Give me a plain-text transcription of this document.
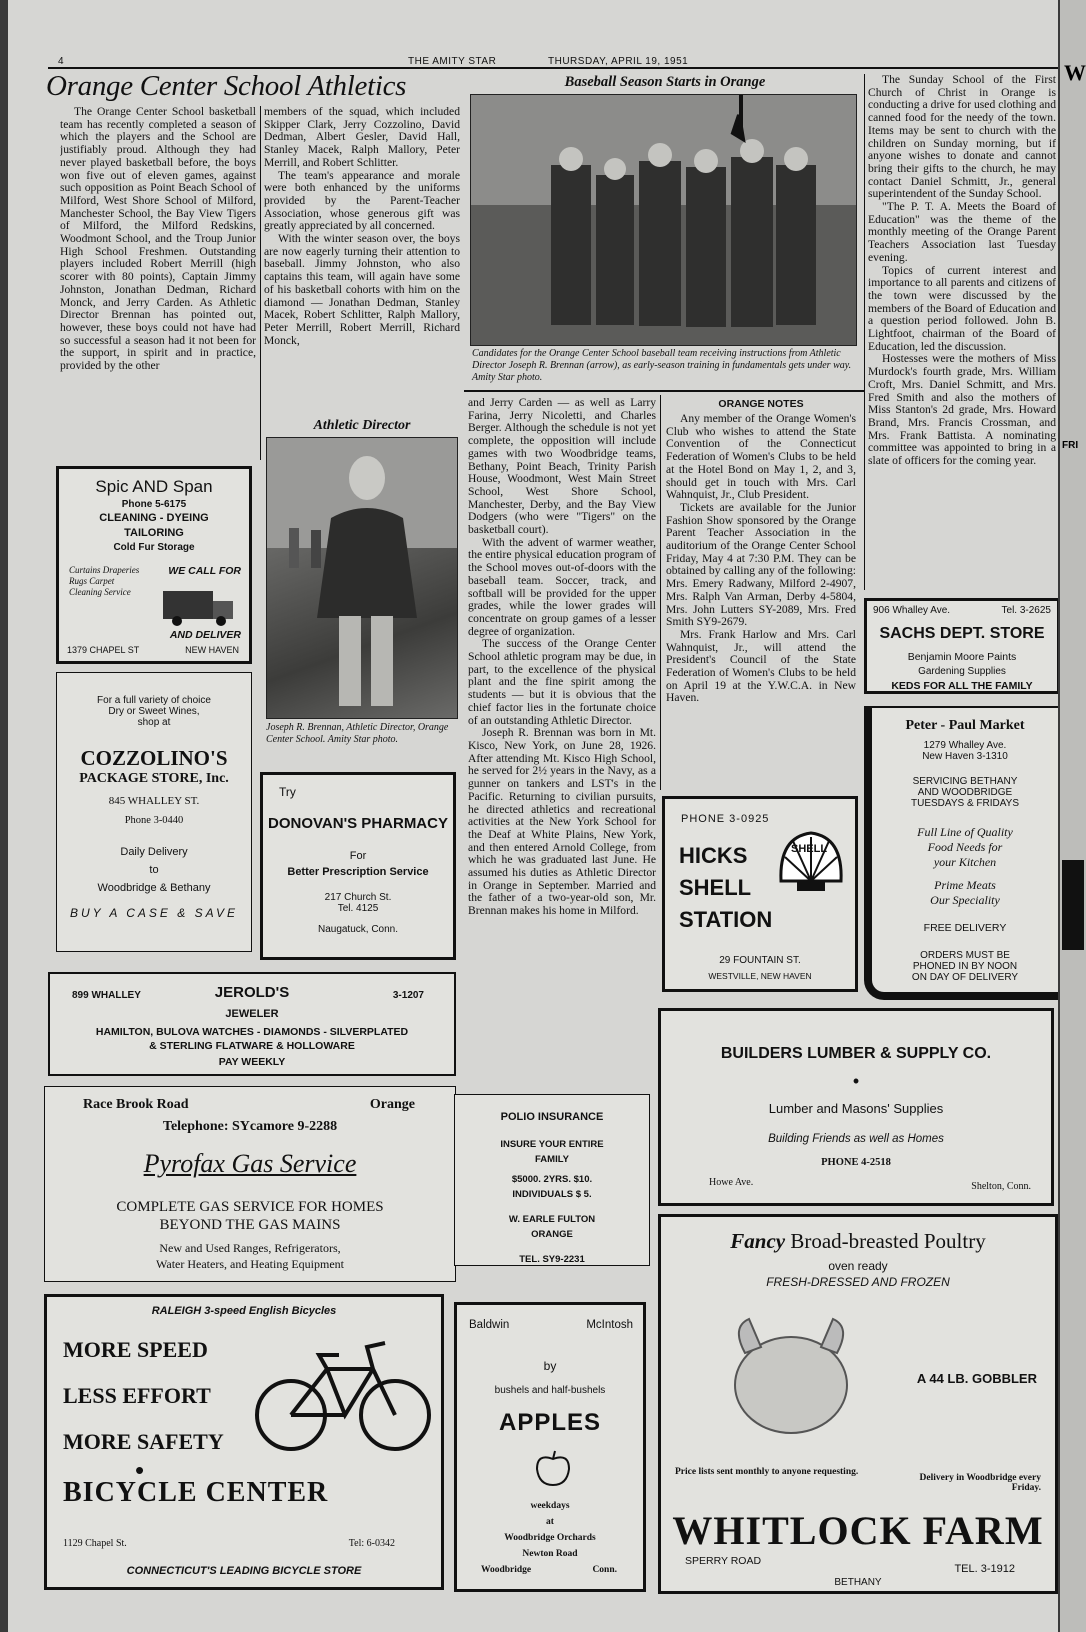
4	THE AMITY STAR	THURSDAY, APRIL 19, 1951
Orange Center School Athletics

The Orange Center School basketball team has recently completed a season of which the players and the School are justifiably proud. Although they had never played basketball before, the boys won five out of eleven games, against such opposition as Point Beach School of Milford, West Shore School of Milford, Manchester School, the Bay View Tigers of Milford, the Milford Redskins, Woodmont School, and the Troup Junior High School Freshmen. Outstanding players included Robert Merrill (high scorer with 80 points), Captain Jimmy Johnston, Jonathan Dedman, Richard Monck, and Jerry Carden. As Athletic Director Brennan has pointed out, however, these boys could not have had so successful a season had it not been for the support, in spirit and in practice, provided by the other

members of the squad, which included Skipper Clark, Jerry Cozzolino, David Dedman, Albert Gesler, David Hall, Stanley Macek, Ralph Mallory, Peter Merrill, and Robert Schlitter.

The team's appearance and morale were both enhanced by the uniforms provided by the Parent-Teacher Association, whose generous gift was greatly appreciated by all concerned.

With the winter season over, the boys are now eagerly turning their attention to baseball. Jimmy Johnston, who also captains this team, will again have some of his basketball cohorts with him on the diamond — Jonathan Dedman, Stanley Macek, Robert Schlitter, Ralph Mallory, Peter Merrill, Robert Merrill, Richard Monck,

Athletic Director
Joseph R. Brennan, Athletic Director, Orange Center School. Amity Star photo.
Baseball Season Starts in Orange
Candidates for the Orange Center School baseball team receiving instructions from Athletic Director Joseph R. Brennan (arrow), as early-season training in fundamentals gets under way. Amity Star photo.

and Jerry Carden — as well as Larry Farina, Jerry Nicoletti, and Charles Berger. Although the schedule is not yet complete, the opposition will include games with two Woodbridge teams, Bethany, Point Beach, Trinity Parish House, Woodmont, West Main Street School, West Shore School, Manchester, Derby, and the Bay View Dodgers (who were "Tigers" on the basketball court).

With the advent of warmer weather, the entire physical education program of the School moves out-of-doors with the baseball team. Soccer, track, and softball will be provided for the upper grades, while the lower grades will concentrate on group games of a lesser degree of organization.

The success of the Orange Center School athletic program may be due, in part, to the excellence of the physical plant and the fine spirit among the students — but it is obvious that the chief factor lies in the fortunate choice of an outstanding Athletic Director.

Joseph R. Brennan was born in Mt. Kisco, New York, on June 28, 1926. After attending Mt. Kisco High School, he served for 2½ years in the Navy, as a gunner on tankers and LST's in the Pacific. Returning to civilian pursuits, he directed athletics and recreational activities at the New York School for the Deaf at White Plains, New York, and then entered Arnold College, from which he was graduated last June. He assumed his duties as Athletic Director in Orange in September. Married and the father of a two-year-old son, Mr. Brennan makes his home in Milford.

ORANGE NOTES

Any member of the Orange Women's Club who wishes to attend the State Convention of the Connecticut Federation of Women's Clubs to be held at the Hotel Bond on May 1, 2, and 3, should get in touch with Mrs. Carl Wahnquist, Jr., Club President.

Tickets are available for the Junior Fashion Show sponsored by the Orange Parent Teacher Association in the auditorium of the Orange Center School Friday, May 4 at 7:30 P.M. They can be obtained by calling any of the following: Mrs. Emery Radwany, Milford 2-4907, Mrs. Ralph Van Arman, Derby 4-5804, Mrs. John Lutters SY-2089, Mrs. Fred Smith SY9-2679.

Mrs. Frank Harlow and Mrs. Carl Wahnquist, Jr., will attend the President's Council of the State Federation of Women's Clubs to be held on April 19 at the Y.W.C.A. in New Haven.

The Sunday School of the First Church of Christ in Orange is conducting a drive for used clothing and canned food for the needy of the town. Items may be sent to church with the children on Sunday morning, but if anyone wishes to donate and cannot bring their gifts to the church, he may contact Daniel Schmitt, Jr., general superintendent of the Sunday School.

"The P. T. A. Meets the Board of Education" was the theme of the monthly meeting of the Orange Parent Teachers Association last Tuesday evening.

Topics of current interest and importance to all parents and citizens of the town were discussed by the members of the Board of Education and a question period followed. John B. Lightfoot, chairman of the Board of Education, led the discussion.

Hostesses were the mothers of Miss Murdock's fourth grade, Mrs. William Croft, Mrs. Daniel Schmitt, and Mrs. Fred Smith and also the mothers of Miss Stanton's 2d grade, Mrs. Howard Brand, Mrs. Francis Crossman, and Mrs. Frank Battista. A nominating committee was appointed to bring in a slate of officers for the coming year.

Spic AND Span
Phone 5-6175
CLEANING - DYEING
TAILORING
Cold Fur Storage
Curtains Draperies Rugs Carpet Cleaning Service
WE CALL FOR
AND DELIVER
1379 CHAPEL ST	NEW HAVEN
For a full variety of choice
Dry or Sweet Wines,
shop at
COZZOLINO'S
PACKAGE STORE, Inc.
845 WHALLEY ST.
Phone 3-0440
Daily Delivery
to
Woodbridge & Bethany
BUY A CASE & SAVE
Try
DONOVAN'S PHARMACY
For
Better Prescription Service
217 Church St.
Tel. 4125
Naugatuck, Conn.
899 WHALLEY	JEROLD'S	3-1207
JEWELER
HAMILTON, BULOVA WATCHES - DIAMONDS - SILVERPLATED
& STERLING FLATWARE & HOLLOWARE
PAY WEEKLY
Race Brook Road	Orange
Telephone: SYcamore 9-2288
Pyrofax Gas Service
COMPLETE GAS SERVICE FOR HOMES
BEYOND THE GAS MAINS
New and Used Ranges, Refrigerators,
Water Heaters, and Heating Equipment
RALEIGH 3-speed English Bicycles
MORE SPEED
LESS EFFORT
MORE SAFETY
•
BICYCLE CENTER
1129 Chapel St.	Tel: 6-0342
CONNECTICUT'S LEADING BICYCLE STORE
POLIO INSURANCE
INSURE YOUR ENTIRE
FAMILY
$5000. 2YRS. $10.
INDIVIDUALS $ 5.
W. EARLE FULTON
ORANGE
TEL. SY9-2231
Baldwin	McIntosh
by
bushels and half-bushels
APPLES
weekdays
at
Woodbridge Orchards
Newton Road
Woodbridge	Conn.
906 Whalley Ave.	Tel. 3-2625
SACHS DEPT. STORE
Benjamin Moore Paints
Gardening Supplies
KEDS FOR ALL THE FAMILY
Peter - Paul Market
1279 Whalley Ave.
New Haven 3-1310
SERVICING BETHANY
AND WOODBRIDGE
TUESDAYS & FRIDAYS
Full Line of Quality
Food Needs for
your Kitchen
Prime Meats
Our Speciality
FREE DELIVERY
ORDERS MUST BE
PHONED IN BY NOON
ON DAY OF DELIVERY
PHONE 3-0925
HICKS
SHELL
STATION
SHELL
29 FOUNTAIN ST.
WESTVILLE, NEW HAVEN
BUILDERS LUMBER & SUPPLY CO.
•
Lumber and Masons' Supplies
Building Friends as well as Homes
PHONE 4-2518
Howe Ave.	Shelton, Conn.
Fancy Broad-breasted Poultry
oven ready
FRESH-DRESSED AND FROZEN
A 44 LB. GOBBLER
Price lists sent monthly to anyone requesting.
Delivery in Woodbridge every Friday.
WHITLOCK FARM
SPERRY ROAD
TEL. 3-1912
BETHANY
W
FRI
